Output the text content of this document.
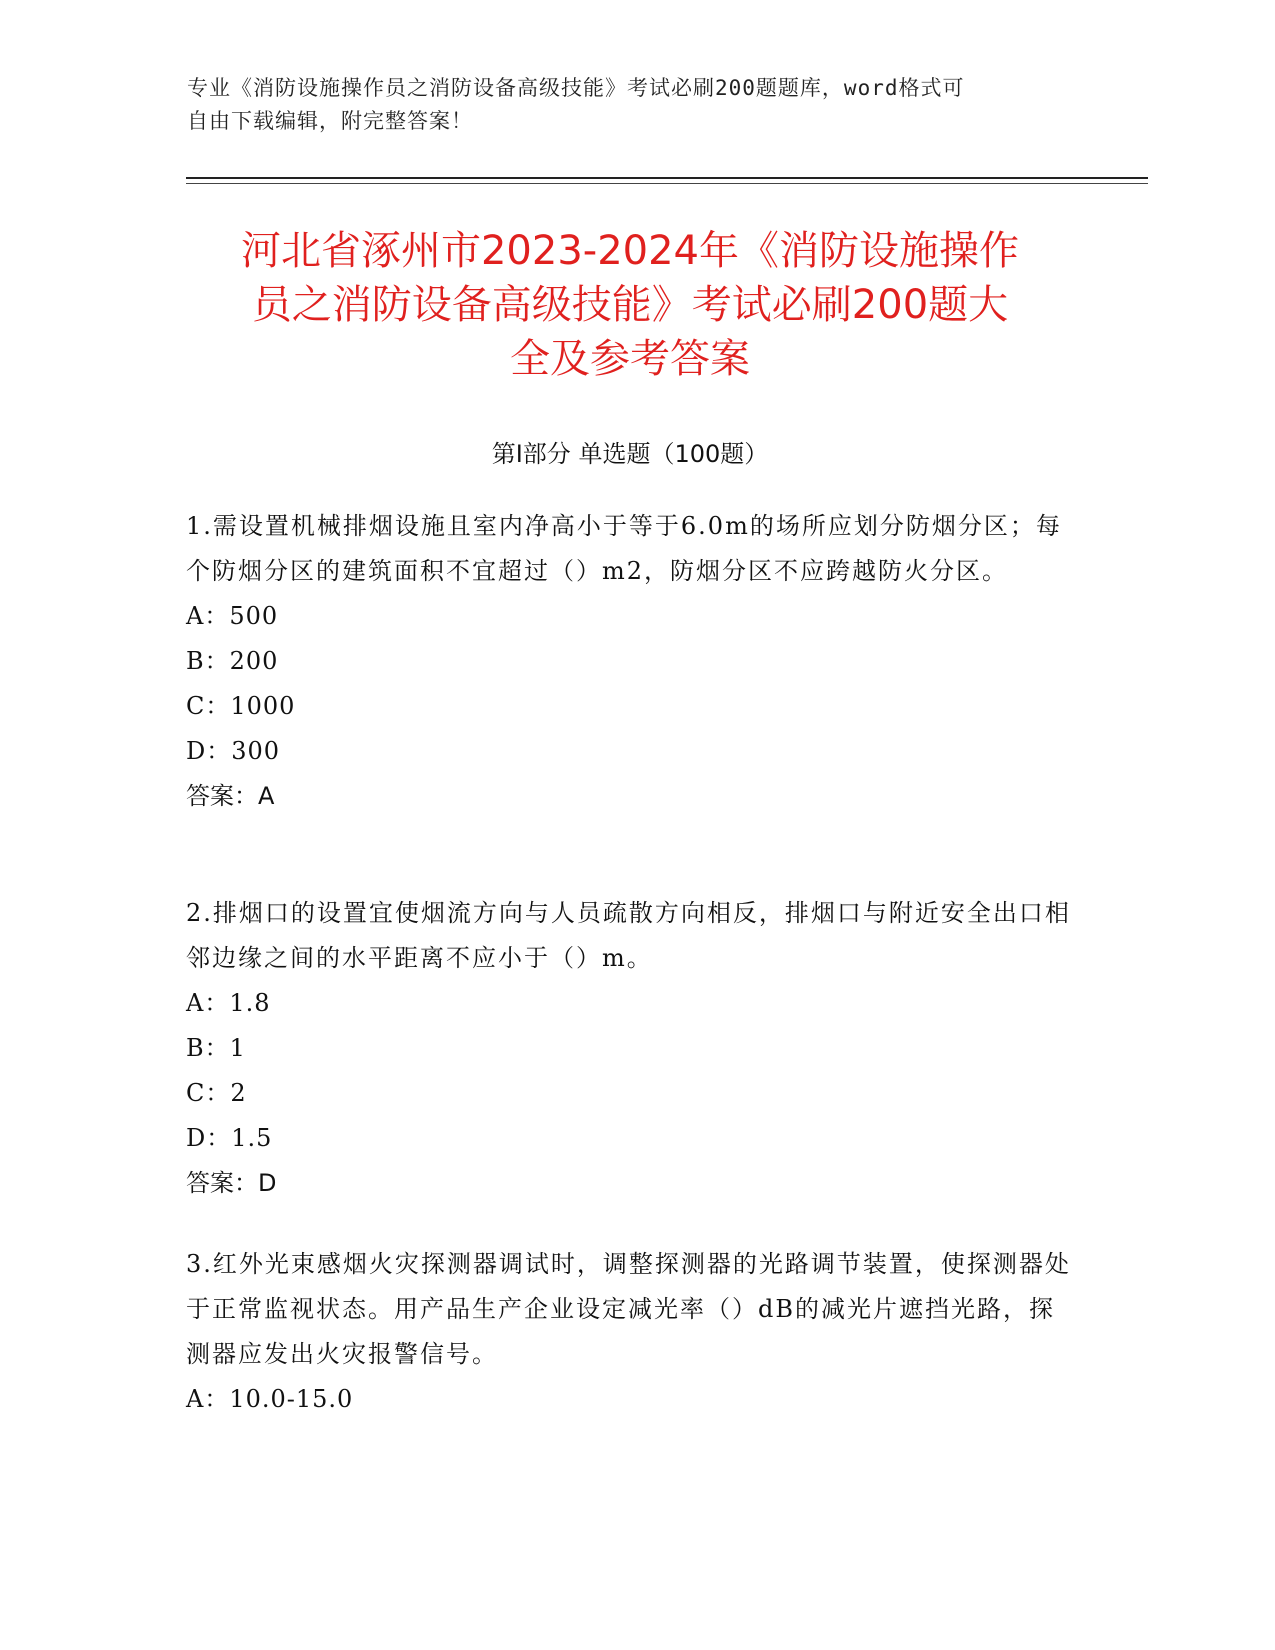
专业《消防设施操作员之消防设备高级技能》考试必刷200题题库，word格式可
自由下载编辑，附完整答案！
河北省涿州市2023-2024年《消防设施操作
员之消防设备高级技能》考试必刷200题大
全及参考答案
第Ⅰ部分 单选题（100题）
1.需设置机械排烟设施且室内净高小于等于6.0m的场所应划分防烟分区；每个防烟分区的建筑面积不宜超过（）m2，防烟分区不应跨越防火分区。
A：500
B：200
C：1000
D：300
答案：A
2.排烟口的设置宜使烟流方向与人员疏散方向相反，排烟口与附近安全出口相邻边缘之间的水平距离不应小于（）m。
A：1.8
B：1
C：2
D：1.5
答案：D
3.红外光束感烟火灾探测器调试时，调整探测器的光路调节装置，使探测器处于正常监视状态。用产品生产企业设定减光率（）dB的减光片遮挡光路，探测器应发出火灾报警信号。
A：10.0-15.0
